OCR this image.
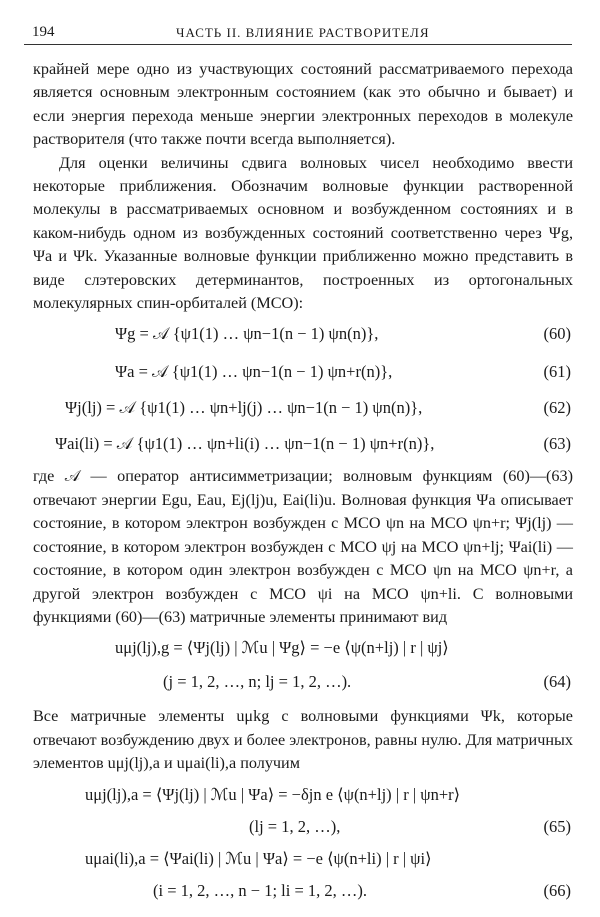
194	ЧАСТЬ II. ВЛИЯНИЕ РАСТВОРИТЕЛЯ

крайней мере одно из участвующих состояний рассматриваемого перехода является основным электронным состоянием (как это обычно и бывает) и если энергия перехода меньше энергии электронных переходов в молекуле растворителя (что также почти всегда выполняется).

Для оценки величины сдвига волновых чисел необходимо ввести некоторые приближения. Обозначим волновые функции растворенной молекулы в рассматриваемых основном и возбужденном состояниях и в каком-нибудь одном из возбужденных состояний соответственно через Ψg, Ψa и Ψk. Указанные волновые функции приближенно можно представить в виде слэтеровских детерминантов, построенных из ортогональных молекулярных спин-орбиталей (МСО):

Ψg = 𝒜 {ψ1(1) … ψn−1(n − 1) ψn(n)},	(60)
Ψa = 𝒜 {ψ1(1) … ψn−1(n − 1) ψn+r(n)},	(61)
Ψj(lj) = 𝒜 {ψ1(1) … ψn+lj(j) … ψn−1(n − 1) ψn(n)},	(62)
Ψai(li) = 𝒜 {ψ1(1) … ψn+li(i) … ψn−1(n − 1) ψn+r(n)},	(63)

где 𝒜 — оператор антисимметризации; волновым функциям (60)—(63) отвечают энергии Egu, Eau, Ej(lj)u, Eai(li)u. Волновая функция Ψa описывает состояние, в котором электрон возбужден с МСО ψn на МСО ψn+r; Ψj(lj) — состояние, в котором электрон возбужден с МСО ψj на МСО ψn+lj; Ψai(li) — состояние, в котором один электрон возбужден с МСО ψn на МСО ψn+r, а другой электрон возбужден с МСО ψi на МСО ψn+li. С волновыми функциями (60)—(63) матричные элементы принимают вид

uμj(lj),g = ⟨Ψj(lj) | ℳu | Ψg⟩ = −e ⟨ψ(n+lj) | r | ψj⟩
(j = 1, 2, …, n; lj = 1, 2, …).	(64)

Все матричные элементы uμkg с волновыми функциями Ψk, которые отвечают возбуждению двух и более электронов, равны нулю. Для матричных элементов uμj(lj),a и uμai(li),a получим

uμj(lj),a = ⟨Ψj(lj) | ℳu | Ψa⟩ = −δjn e ⟨ψ(n+lj) | r | ψn+r⟩
(lj = 1, 2, …),	(65)
uμai(li),a = ⟨Ψai(li) | ℳu | Ψa⟩ = −e ⟨ψ(n+li) | r | ψi⟩
(i = 1, 2, …, n − 1; li = 1, 2, …).	(66)
